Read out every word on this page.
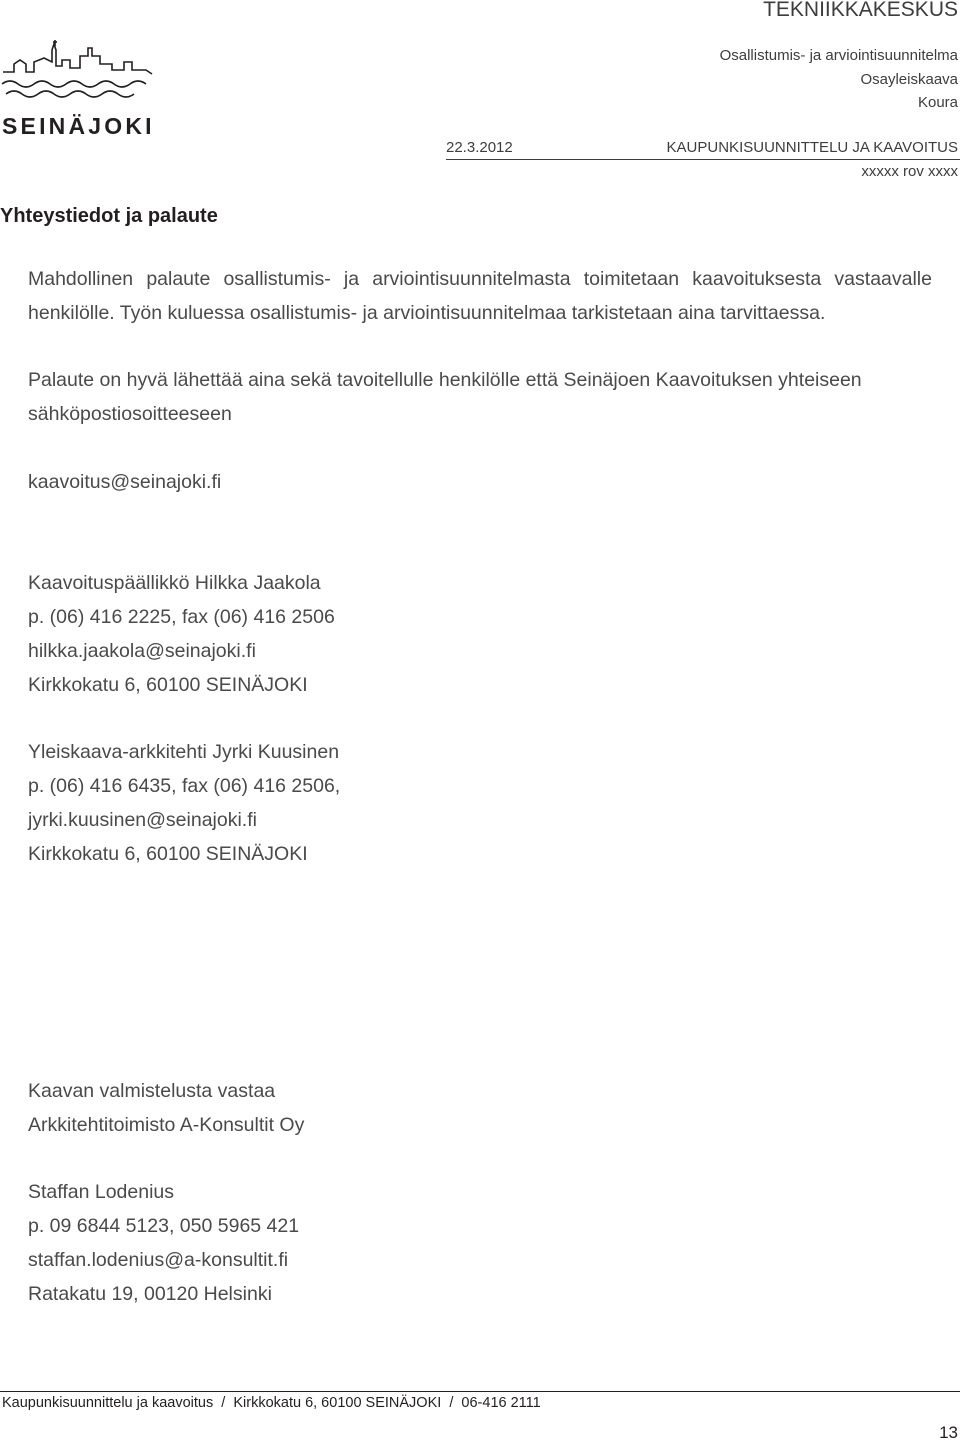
SEINÄJOKI
TEKNIIKKAKESKUS
Osallistumis- ja arviointisuunnitelma
Osayleiskaava
Koura
22.3.2012	KAUPUNKISUUNNITTELU JA KAAVOITUS
xxxxx rov xxxx
Yhteystiedot ja palaute
Mahdollinen palaute osallistumis- ja arviointisuunnitelmasta toimitetaan kaavoituksesta vastaavalle henkilölle. Työn kuluessa osallistumis- ja arviointisuunnitelmaa tarkistetaan aina tarvittaessa.
Palaute on hyvä lähettää aina sekä tavoitellulle henkilölle että Seinäjoen Kaavoituksen yhteiseen sähköpostiosoitteeseen
kaavoitus@seinajoki.fi
Kaavoituspäällikkö Hilkka Jaakola
p. (06) 416 2225, fax (06) 416 2506
hilkka.jaakola@seinajoki.fi
Kirkkokatu 6, 60100 SEINÄJOKI
Yleiskaava-arkkitehti Jyrki Kuusinen
p. (06) 416 6435, fax (06) 416 2506,
jyrki.kuusinen@seinajoki.fi
Kirkkokatu 6, 60100 SEINÄJOKI
Kaavan valmistelusta vastaa
Arkkitehtitoimisto A-Konsultit Oy
Staffan Lodenius
p. 09 6844 5123, 050 5965 421
staffan.lodenius@a-konsultit.fi
Ratakatu 19, 00120 Helsinki
Kaupunkisuunnittelu ja kaavoitus  /  Kirkkokatu 6, 60100 SEINÄJOKI  /  06-416 2111
13
